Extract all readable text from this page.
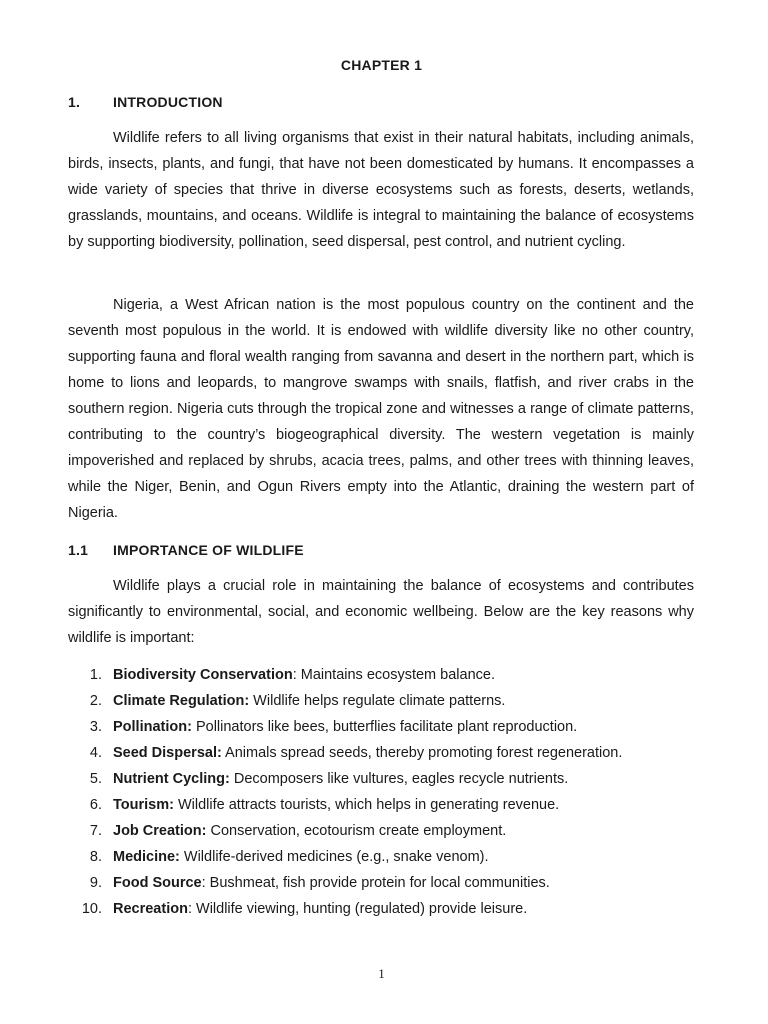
CHAPTER 1
1. INTRODUCTION

Wildlife refers to all living organisms that exist in their natural habitats, including animals, birds, insects, plants, and fungi, that have not been domesticated by humans. It encompasses a wide variety of species that thrive in diverse ecosystems such as forests, deserts, wetlands, grasslands, mountains, and oceans. Wildlife is integral to maintaining the balance of ecosystems by supporting biodiversity, pollination, seed dispersal, pest control, and nutrient cycling.

Nigeria, a West African nation is the most populous country on the continent and the seventh most populous in the world. It is endowed with wildlife diversity like no other country, supporting fauna and floral wealth ranging from savanna and desert in the northern part, which is home to lions and leopards, to mangrove swamps with snails, flatfish, and river crabs in the southern region. Nigeria cuts through the tropical zone and witnesses a range of climate patterns, contributing to the country’s biogeographical diversity. The western vegetation is mainly impoverished and replaced by shrubs, acacia trees, palms, and other trees with thinning leaves, while the Niger, Benin, and Ogun Rivers empty into the Atlantic, draining the western part of Nigeria.

1.1 IMPORTANCE OF WILDLIFE

Wildlife plays a crucial role in maintaining the balance of ecosystems and contributes significantly to environmental, social, and economic wellbeing. Below are the key reasons why wildlife is important:

1. Biodiversity Conservation: Maintains ecosystem balance.
2. Climate Regulation: Wildlife helps regulate climate patterns.
3. Pollination: Pollinators like bees, butterflies facilitate plant reproduction.
4. Seed Dispersal: Animals spread seeds, thereby promoting forest regeneration.
5. Nutrient Cycling: Decomposers like vultures, eagles recycle nutrients.
6. Tourism: Wildlife attracts tourists, which helps in generating revenue.
7. Job Creation: Conservation, ecotourism create employment.
8. Medicine: Wildlife-derived medicines (e.g., snake venom).
9. Food Source: Bushmeat, fish provide protein for local communities.
10. Recreation: Wildlife viewing, hunting (regulated) provide leisure.
1
